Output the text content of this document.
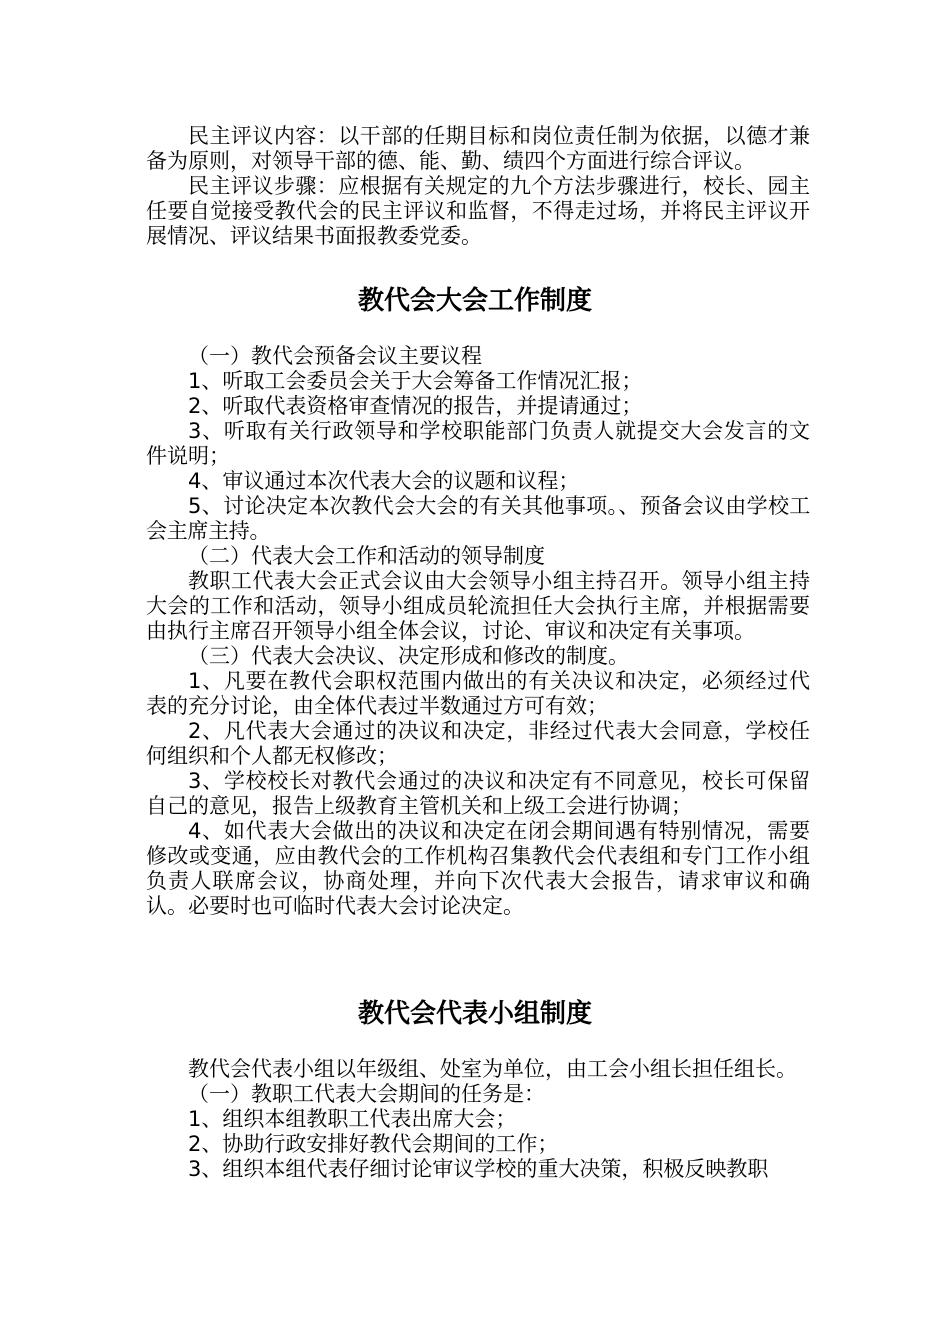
民主评议内容：以干部的任期目标和岗位责任制为依据，以德才兼备为原则，对领导干部的德、能、勤、绩四个方面进行综合评议。

民主评议步骤：应根据有关规定的九个方法步骤进行，校长、园主任要自觉接受教代会的民主评议和监督，不得走过场，并将民主评议开展情况、评议结果书面报教委党委。

教代会大会工作制度

（一）教代会预备会议主要议程

1、听取工会委员会关于大会筹备工作情况汇报；

2、听取代表资格审查情况的报告，并提请通过；

3、听取有关行政领导和学校职能部门负责人就提交大会发言的文件说明；

4、审议通过本次代表大会的议题和议程；

5、讨论决定本次教代会大会的有关其他事项。、预备会议由学校工会主席主持。

（二）代表大会工作和活动的领导制度

教职工代表大会正式会议由大会领导小组主持召开。领导小组主持大会的工作和活动，领导小组成员轮流担任大会执行主席，并根据需要由执行主席召开领导小组全体会议，讨论、审议和决定有关事项。

（三）代表大会决议、决定形成和修改的制度。

1、凡要在教代会职权范围内做出的有关决议和决定，必须经过代表的充分讨论，由全体代表过半数通过方可有效；

2、凡代表大会通过的决议和决定，非经过代表大会同意，学校任何组织和个人都无权修改；

3、学校校长对教代会通过的决议和决定有不同意见，校长可保留自己的意见，报告上级教育主管机关和上级工会进行协调；

4、如代表大会做出的决议和决定在闭会期间遇有特别情况，需要修改或变通，应由教代会的工作机构召集教代会代表组和专门工作小组负责人联席会议，协商处理，并向下次代表大会报告，请求审议和确认。必要时也可临时代表大会讨论决定。

教代会代表小组制度

教代会代表小组以年级组、处室为单位，由工会小组长担任组长。

（一）教职工代表大会期间的任务是：

1、组织本组教职工代表出席大会；

2、协助行政安排好教代会期间的工作；

3、组织本组代表仔细讨论审议学校的重大决策，积极反映教职
